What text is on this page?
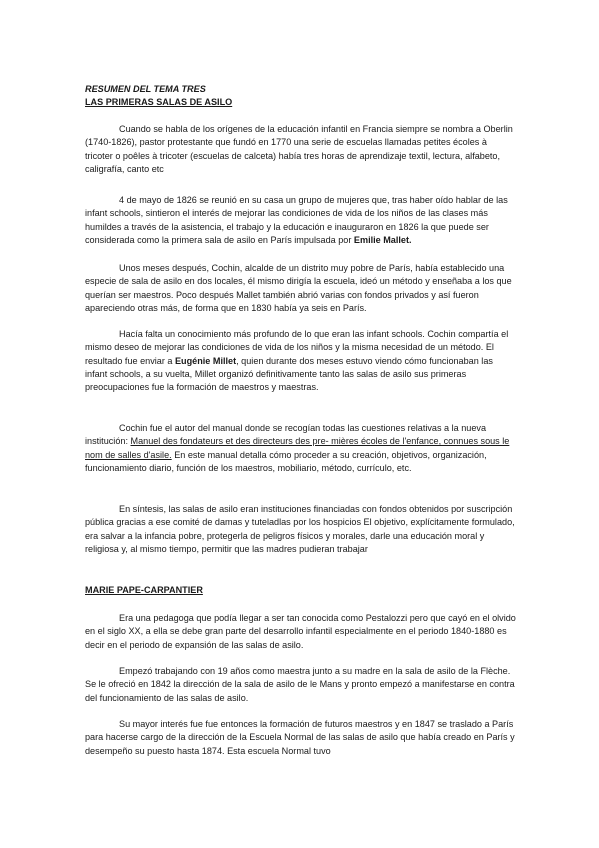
RESUMEN DEL TEMA TRES
LAS PRIMERAS SALAS DE ASILO

Cuando se habla de los orígenes de la educación infantil en Francia siempre se nombra a Oberlin (1740-1826), pastor protestante que fundó en 1770 una serie de escuelas llamadas petites écoles à tricoter o poêles à tricoter (escuelas de calceta) había tres horas de aprendizaje textil, lectura, alfabeto, caligrafía, canto etc

4 de mayo de 1826 se reunió en su casa un grupo de mujeres que, tras haber oído hablar de las infant schools, sintieron el interés de mejorar las condiciones de vida de los niños de las clases más humildes a través de la asistencia, el trabajo y la educación e inauguraron en 1826 la que puede ser considerada como la primera sala de asilo en París impulsada por Emilie Mallet.

Unos meses después, Cochin, alcalde de un distrito muy pobre de París, había establecido una especie de sala de asilo en dos locales, él mismo dirigía la escuela, ideó un método y enseñaba a los que querían ser maestros. Poco después Mallet también abrió varias con fondos privados y así fueron apareciendo otras más, de forma que en 1830 había ya seis en París.

Hacía falta un conocimiento más profundo de lo que eran las infant schools. Cochin compartía el mismo deseo de mejorar las condiciones de vida de los niños y la misma necesidad de un método. El resultado fue enviar a Eugénie Millet, quien durante dos meses estuvo viendo cómo funcionaban las infant schools, a su vuelta, Millet organizó definitivamente tanto las salas de asilo sus primeras preocupaciones fue la formación de maestros y maestras.

Cochin fue el autor del manual donde se recogían todas las cuestiones relativas a la nueva institución: Manuel des fondateurs et des directeurs des pre- mières écoles de l'enfance, connues sous le nom de salles d'asile. En este manual detalla cómo proceder a su creación, objetivos, organización, funcionamiento diario, función de los maestros, mobiliario, método, currículo, etc.

En síntesis, las salas de asilo eran instituciones financiadas con fondos obtenidos por suscripción pública gracias a ese comité de damas y tuteladlas por los hospicios El objetivo, explícitamente formulado, era salvar a la infancia pobre, protegerla de peligros físicos y morales, darle una educación moral y religiosa y, al mismo tiempo, permitir que las madres pudieran trabajar

MARIE PAPE-CARPANTIER

Era una pedagoga que podía llegar a ser tan conocida como Pestalozzi pero que cayó en el olvido en el siglo XX, a ella se debe gran parte del desarrollo infantil especialmente en el periodo 1840-1880 es decir en el periodo de expansión de las salas de asilo.

Empezó trabajando con 19 años como maestra junto a su madre en la sala de asilo de la Flèche. Se le ofreció en 1842 la dirección de la sala de asilo de le Mans y pronto empezó a manifestarse en contra del funcionamiento de las salas de asilo.

Su mayor interés fue fue entonces la formación de futuros maestros y en 1847 se traslado a París para hacerse cargo de la dirección de la Escuela Normal de las salas de asilo que había creado en París y desempeño su puesto hasta 1874. Esta escuela Normal tuvo
